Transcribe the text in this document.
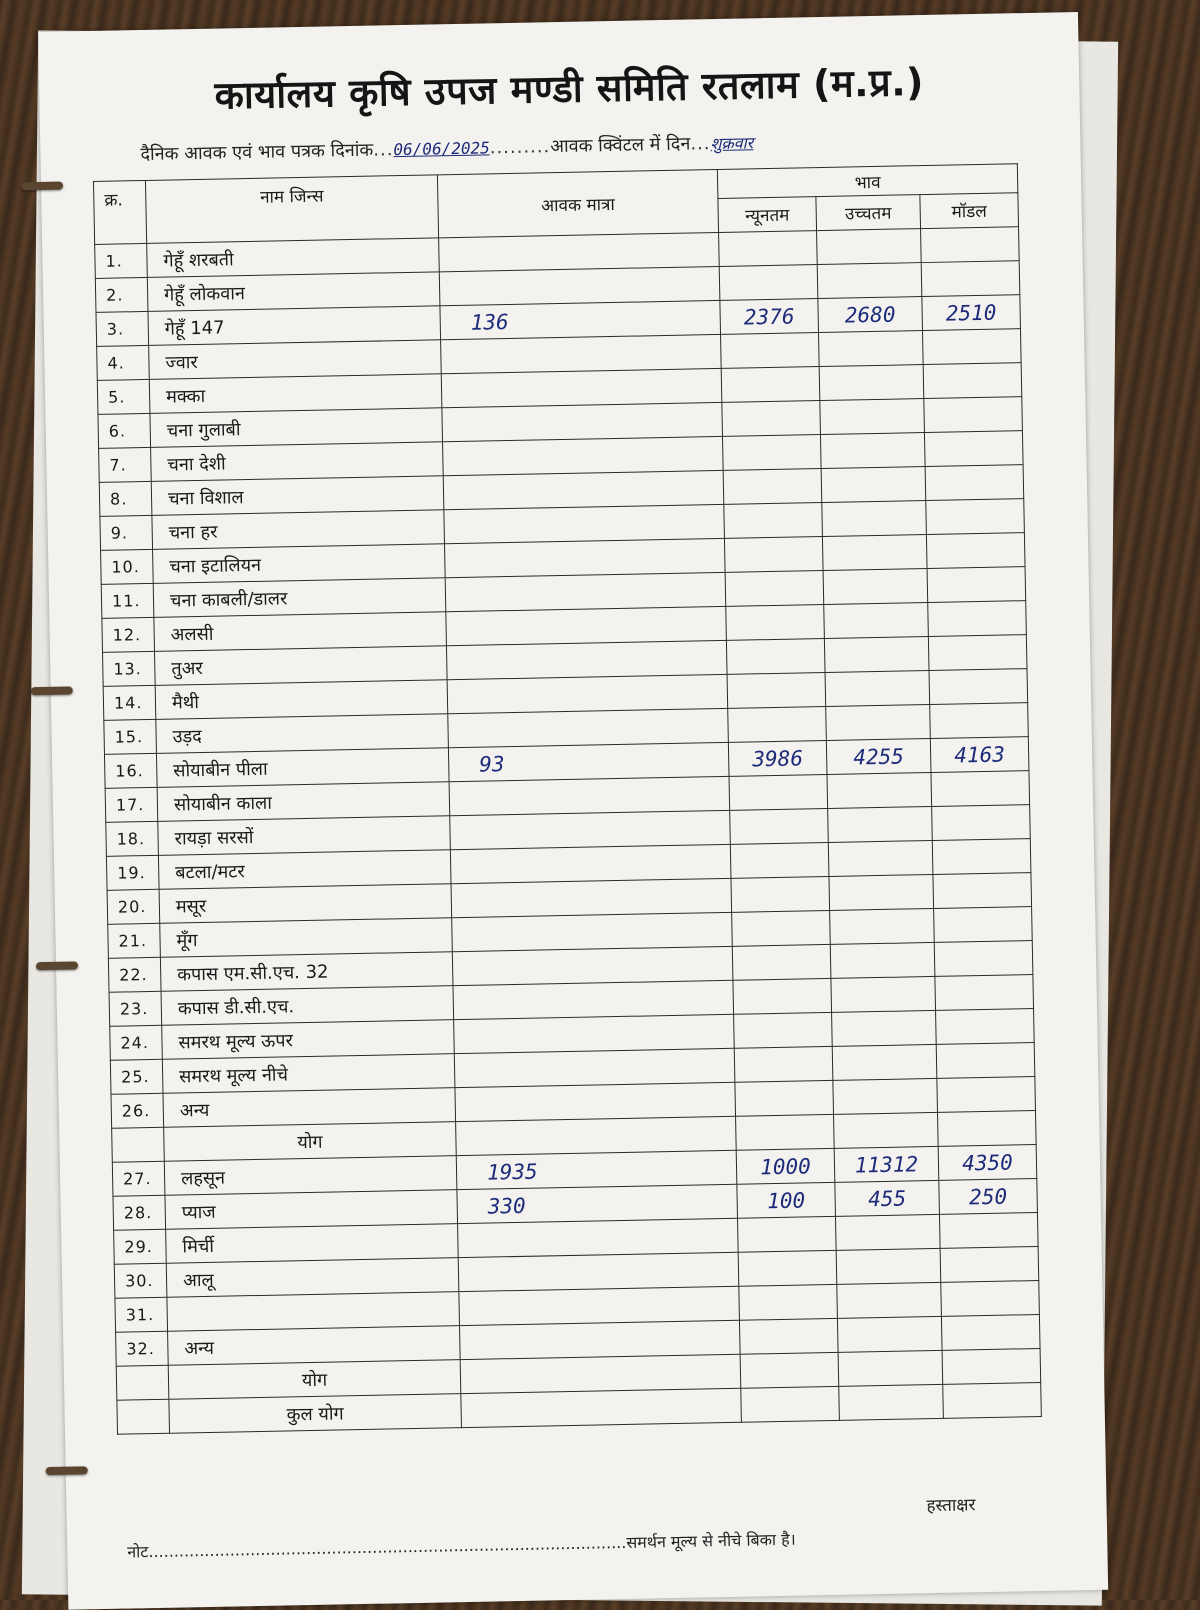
कार्यालय कृषि उपज मण्डी समिति रतलाम (म.प्र.)
दैनिक आवक एवं भाव पत्रक दिनांक...06/06/2025.........आवक क्विंटल में दिन...शुक्रवार
क्र.	नाम जिन्स	आवक मात्रा	भाव		
			न्यूनतम	उच्चतम	मॉडल
1.	गेहूँ शरबती				
2.	गेहूँ लोकवान				
3.	गेहूँ 147	136	2376	2680	2510
4.	ज्वार				
5.	मक्का				
6.	चना गुलाबी				
7.	चना देशी				
8.	चना विशाल				
9.	चना हर				
10.	चना इटालियन				
11.	चना काबली/डालर				
12.	अलसी				
13.	तुअर				
14.	मैथी				
15.	उड़द				
16.	सोयाबीन पीला	93	3986	4255	4163
17.	सोयाबीन काला				
18.	रायड़ा सरसों				
19.	बटला/मटर				
20.	मसूर				
21.	मूँग				
22.	कपास एम.सी.एच. 32				
23.	कपास डी.सी.एच.				
24.	समरथ मूल्य ऊपर				
25.	समरथ मूल्य नीचे				
26.	अन्य				
	योग				
27.	लहसून	1935	1000	11312	4350
28.	प्याज	330	100	455	250
29.	मिर्ची				
30.	आलू				
31.					
32.	अन्य				
	योग				
	कुल योग				
हस्ताक्षर
नोट..............................................................................................समर्थन मूल्य से नीचे बिका है।
